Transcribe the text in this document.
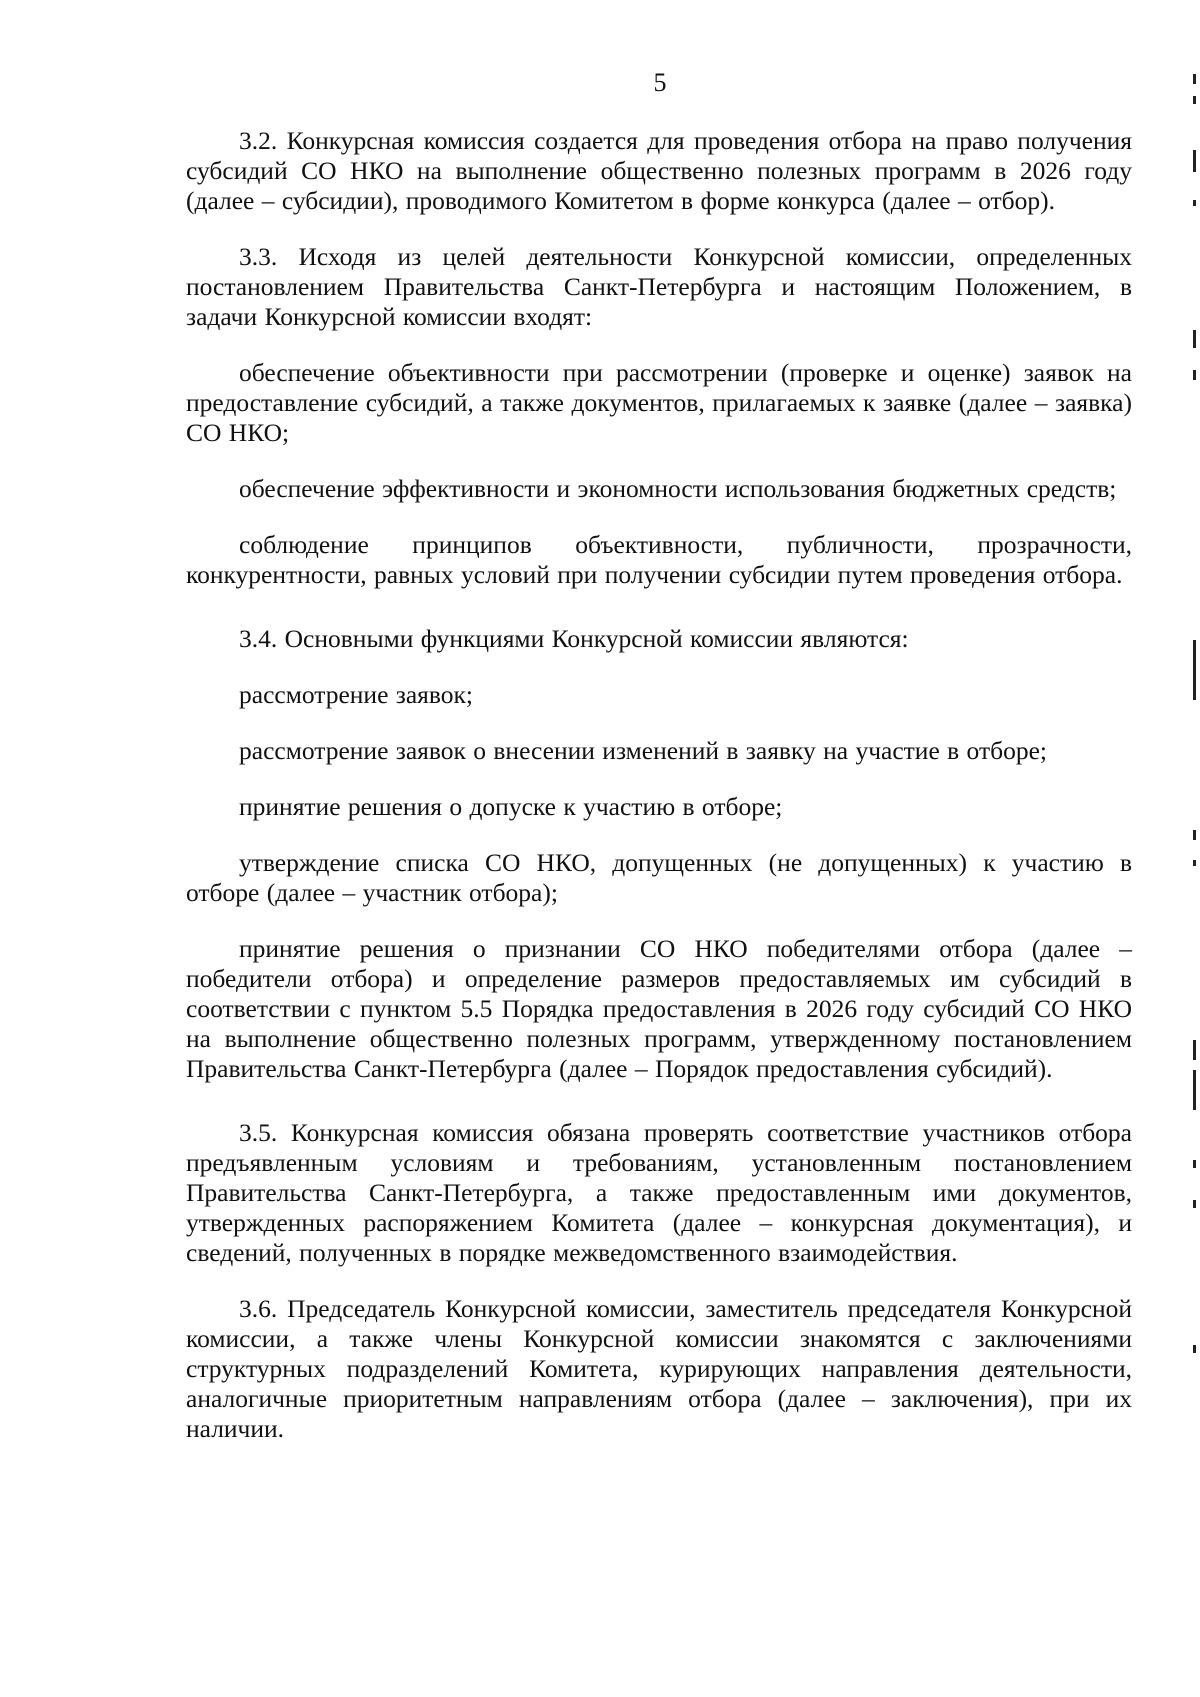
5

3.2. Конкурсная комиссия создается для проведения отбора на право получения субсидий СО НКО на выполнение общественно полезных программ в 2026 году (далее – субсидии), проводимого Комитетом в форме конкурса (далее – отбор).

3.3. Исходя из целей деятельности Конкурсной комиссии, определенных постановлением Правительства Санкт-Петербурга и настоящим Положением, в задачи Конкурсной комиссии входят:

обеспечение объективности при рассмотрении (проверке и оценке) заявок на предоставление субсидий, а также документов, прилагаемых к заявке (далее – заявка) СО НКО;

обеспечение эффективности и экономности использования бюджетных средств;

соблюдение принципов объективности, публичности, прозрачности, конкурентности, равных условий при получении субсидии путем проведения отбора.

3.4. Основными функциями Конкурсной комиссии являются:

рассмотрение заявок;

рассмотрение заявок о внесении изменений в заявку на участие в отборе;

принятие решения о допуске к участию в отборе;

утверждение списка СО НКО, допущенных (не допущенных) к участию в отборе (далее – участник отбора);

принятие решения о признании СО НКО победителями отбора (далее – победители отбора) и определение размеров предоставляемых им субсидий в соответствии с пунктом 5.5 Порядка предоставления в 2026 году субсидий СО НКО на выполнение общественно полезных программ, утвержденному постановлением Правительства Санкт-Петербурга (далее – Порядок предоставления субсидий).

3.5. Конкурсная комиссия обязана проверять соответствие участников отбора предъявленным условиям и требованиям, установленным постановлением Правительства Санкт-Петербурга, а также предоставленным ими документов, утвержденных распоряжением Комитета (далее – конкурсная документация), и сведений, полученных в порядке межведомственного взаимодействия.

3.6. Председатель Конкурсной комиссии, заместитель председателя Конкурсной комиссии, а также члены Конкурсной комиссии знакомятся с заключениями структурных подразделений Комитета, курирующих направления деятельности, аналогичные приоритетным направлениям отбора (далее – заключения), при их наличии.
